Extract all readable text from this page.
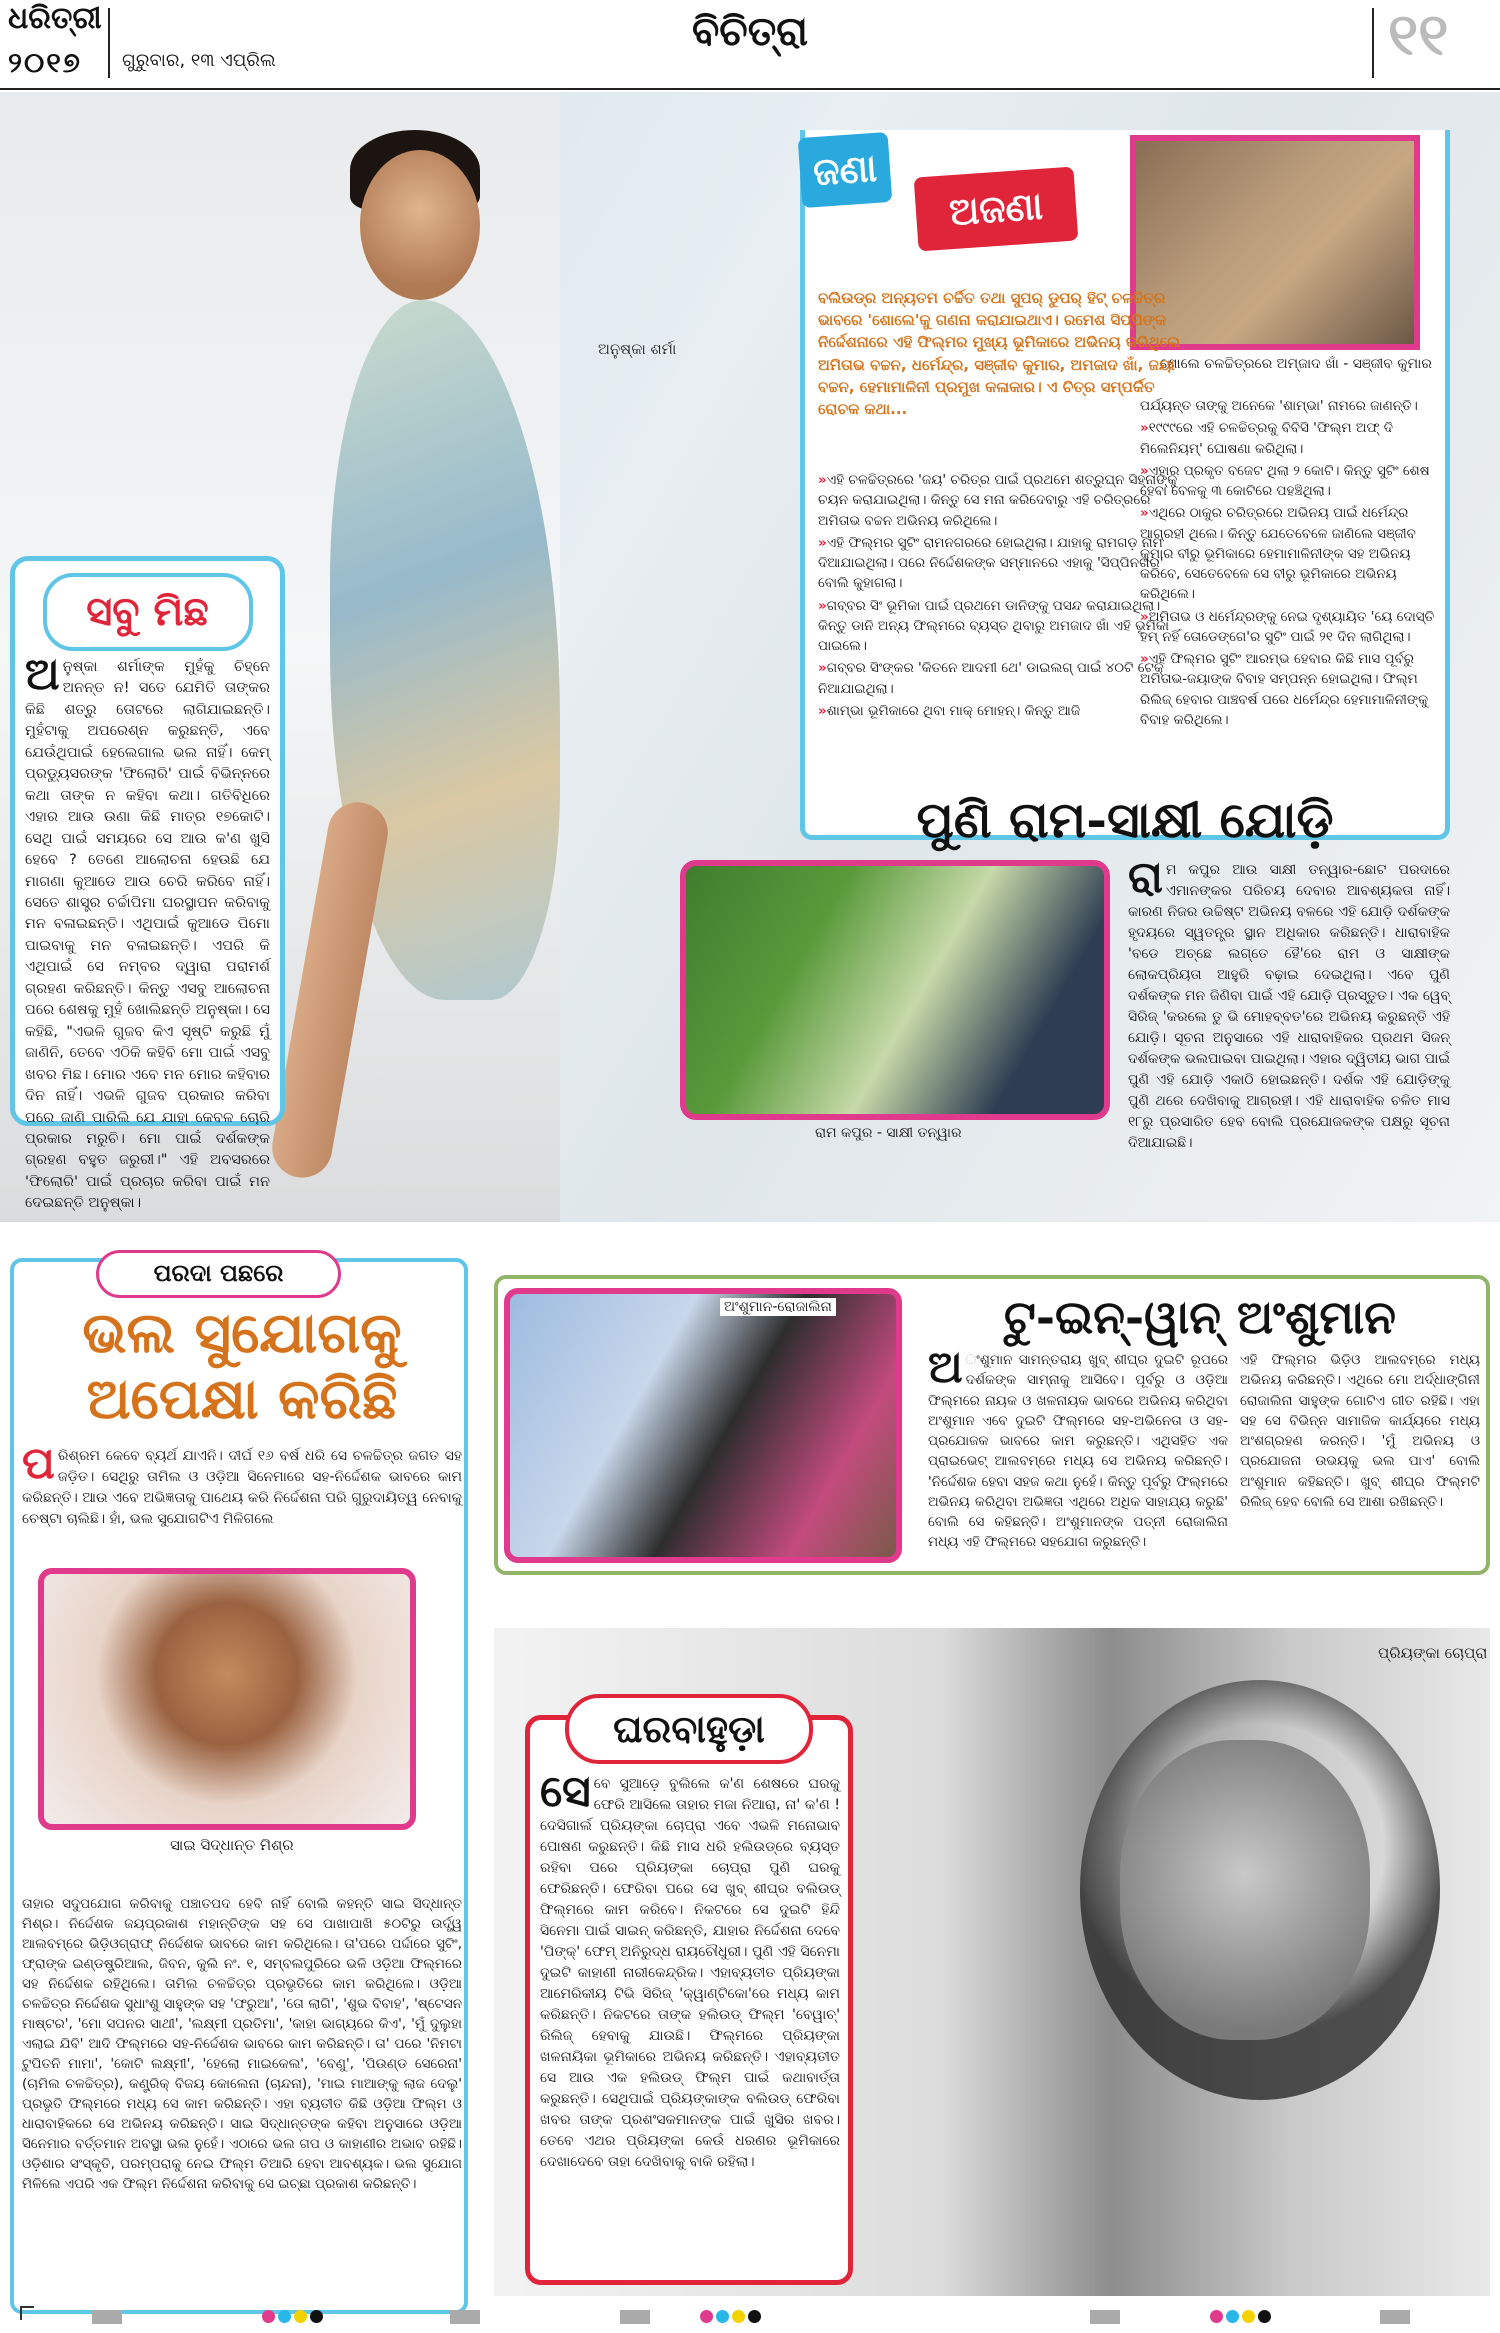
ଧରିତ୍ରୀ
୨୦୧୭ ଗୁରୁବାର, ୧୩ ଏପ୍ରିଲ
ବିଚିତ୍ରା	୧୧
ଅନୁଷ୍କା ଶର୍ମା
ସବୁ ମିଛ
ଅନୁଷ୍କା ଶର୍ମାଙ୍କ ମୁହଁକୁ ଚିହ୍ନେ ଅନନ୍ତ ନ! ସତେ ଯେମିତି ତାଙ୍କର କିଛି ଶତ୍ରୁ ତୋଟରେ ଲାଗିଯାଇଛନ୍ତି। ମୁହଁଟାକୁ ଅପରେଶ୍ନ କରୁଛନ୍ତି, ଏବେ ଯେଉଁଥିପାଇଁ ହେଲେଗାଲ ଭଲ ନାହିଁ। କେମ୍ ପ୍ରଡ୍ୟୁସରଙ୍କ 'ଫିଲୋରି' ପାଇଁ ବିଭିନ୍ନରେ କଥା ତାଙ୍କ ନ କହିବା କଥା। ଗତିବିଧିରେ ଏହାର ଆଉ ଉଣା କିଛି ମାତ୍ର ୧୭କୋଟି। ସେଥି ପାଇଁ ସମୟରେ ସେ ଆଉ କ'ଣ ଖୁସି ହେବେ ? ତେଣେ ଆଲୋଚନା ହେଉଛି ଯେ ମାଗଣା କୁଆଡେ ଆଉ ଚେରି କରିବେ ନାହିଁ। ସେତେ ଶାସ୍ତ୍ର ଚର୍ଚ୍ଚାପିମା ଘରସ୍ଥାପନ କରିବାକୁ ମନ ବଳାଇଛନ୍ତି। ଏଥିପାଇଁ କୁଆଡେ ପିମୋ ପାଇବାକୁ ମନ ବଳାଇଛନ୍ତି। ଏପରି କି ଏଥିପାଇଁ ସେ ନମ୍ବର ଦ୍ୱାରା ପରାମର୍ଶ ଗ୍ରହଣ କରିଛନ୍ତି। କିନ୍ତୁ ଏସବୁ ଆଲୋଚନା ପରେ ଶେଷକୁ ମୁହଁ ଖୋଲିଛନ୍ତି ଅନୁଷ୍କା। ସେ କହିଛି, "ଏଭଳି ଗୁଜବ କିଏ ସୃଷ୍ଟି କରୁଛି ମୁଁ ଜାଣିନି, ତେବେ ଏଠିକି କହିବି ମୋ ପାଇଁ ଏସବୁ ଖବର ମିଛ। ମୋର ଏବେ ମନ ମୋର କହିବାର ଦିନ ନାହିଁ। ଏଭଳି ଗୁଜବ ପ୍ରକାର କରିବା ପରେ ଜାଣି ପାରିଲି ଯେ ଯାହା କେବଳ ଚୋରି ପ୍ରକାର ମରୁଚି। ମୋ ପାଇଁ ଦର୍ଶକଙ୍କ ଗ୍ରହଣ ବହୁତ ଜରୁରୀ।" ଏହି ଅବସରରେ 'ଫିଲୋରି' ପାଇଁ ପ୍ରଚାର କରିବା ପାଇଁ ମନ ଦେଇଛନ୍ତି ଅନୁଷ୍କା।
ଜଣା
ଅଜଣା
ଶୋଲେ ଚଳଚ୍ଚିତ୍ରରେ ଅମ୍‌ଜାଦ ଖାଁ - ସଞ୍ଜୀବ କୁମାର
ବଲିଉଡ୍‌ର ଅନ୍ୟତମ ଚର୍ଚ୍ଚିତ ତଥା ସୁପର୍ ଡୁପର୍ ହିଟ୍ ଚଳଚ୍ଚିତ୍ର ଭାବରେ 'ଶୋଲେ'କୁ ଗଣନା କରାଯାଇଥାଏ। ରମେଶ ସିପ୍ପିଙ୍କ ନିର୍ଦ୍ଦେଶନାରେ ଏହି ଫିଲ୍ମର ମୁଖ୍ୟ ଭୂମିକାରେ ଅଭିନୟ କରିଥିଲେ ଅମିତାଭ ବଚ୍ଚନ, ଧର୍ମେନ୍ଦ୍ର, ସଞ୍ଜୀବ କୁମାର, ଅମଜାଦ ଖାଁ, ଜୟା ବଚ୍ଚନ, ହେମାମାଳିନୀ ପ୍ରମୁଖ କଳାକାର। ଏ ଚିତ୍ର ସମ୍ପର୍କିତ ରୋଚକ କଥା...
» ଏହି ଚଳଚ୍ଚିତ୍ରରେ 'ଜୟ' ଚରିତ୍ର ପାଇଁ ପ୍ରଥମେ ଶତ୍ରୁଘ୍ନ ସିହ୍ନାଙ୍କୁ ଚୟନ କରାଯାଇଥିଲା। କିନ୍ତୁ ସେ ମନା କରିଦେବାରୁ ଏହି ଚରିତ୍ରରେ ଅମିତାଭ ବଚ୍ଚନ ଅଭିନୟ କରିଥିଲେ।
» ଏହି ଫିଲ୍ମର ସୁଟିଂ ରାମନଗରରେ ହୋଇଥିଲା। ଯାହାକୁ ରାମଗଡ଼ ନାମ ଦିଆଯାଇଥିଲା। ପରେ ନିର୍ଦ୍ଦେଶକଙ୍କ ସମ୍ମାନରେ ଏହାକୁ 'ସିପ୍ପିନଗର' ବୋଲି କୁହାଗଲା।
» ଗବ୍ବର ସିଂ ଭୂମିକା ପାଇଁ ପ୍ରଥମେ ଡାନିଙ୍କୁ ପସନ୍ଦ କରାଯାଇଥିଲା। କିନ୍ତୁ ଡାନି ଅନ୍ୟ ଫିଲ୍ମରେ ବ୍ୟସ୍ତ ଥିବାରୁ ଅମଜାଦ ଖାଁ ଏହି ଭୂମିକା ପାଇଲେ।
» ଗବ୍ବର ସିଂଙ୍କର 'କିତନେ ଆଦମୀ ଥେ' ଡାଇଲଗ୍ ପାଇଁ ୪୦ଟି ଟେକ୍ ନିଆଯାଇଥିଲା।
» ଶାମ୍ଭା ଭୂମିକାରେ ଥିବା ମାକ୍ ମୋହନ୍। କିନ୍ତୁ ଆଜି
ପର୍ଯ୍ୟନ୍ତ ତାଙ୍କୁ ଅନେକେ 'ଶାମ୍ଭା' ନାମରେ ଜାଣନ୍ତି।
» ୧୯୯୯ରେ ଏହି ଚଳଚ୍ଚିତ୍ରକୁ ବିବିସି 'ଫିଲ୍ମ ଅଫ୍ ଦି ମିଲେନିୟମ୍' ଘୋଷଣା କରିଥିଲା।
» ଏହାର ପ୍ରକୃତ ବଜେଟ ଥିଲା ୨ କୋଟି। କିନ୍ତୁ ସୁଟିଂ ଶେଷ ହେବା ବେଳକୁ ୩ କୋଟିରେ ପହଞ୍ଚିଥିଲା।
» ଏଥିରେ ଠାକୁର ଚରିତ୍ରରେ ଅଭିନୟ ପାଇଁ ଧର୍ମେନ୍ଦ୍ର ଆଗ୍ରହୀ ଥିଲେ। କିନ୍ତୁ ଯେତେବେଳେ ଜାଣିଲେ ସଞ୍ଜୀବ କୁମାର ବୀରୁ ଭୂମିକାରେ ହେମାମାଳିନୀଙ୍କ ସହ ଅଭିନୟ କରିବେ, ସେତେବେଳେ ସେ ବୀରୁ ଭୂମିକାରେ ଅଭିନୟ କରିଥିଲେ।
» ଅମିତାଭ ଓ ଧର୍ମେନ୍ଦ୍ରଙ୍କୁ ନେଇ ଦୃଶ୍ୟାୟିତ 'ୟେ ଦୋସ୍ତି ହମ୍ ନହିଁ ତୋଡେଙ୍ଗେ'ର ସୁଟିଂ ପାଇଁ ୨୧ ଦିନ ଲାଗିଥିଲା।
» ଏହି ଫିଲ୍ମର ସୁଟିଂ ଆରମ୍ଭ ହେବାର କିଛି ମାସ ପୂର୍ବରୁ ଅମିତାଭ-ଜୟାଙ୍କ ବିବାହ ସମ୍ପନ୍ନ ହୋଇଥିଲା। ଫିଲ୍ମ ରିଲିଜ୍ ହେବାର ପାଞ୍ଚବର୍ଷ ପରେ ଧର୍ମେନ୍ଦ୍ର ହେମାମାଳିନୀଙ୍କୁ ବିବାହ କରିଥିଲେ।
ପୁଣି ରାମ-ସାକ୍ଷୀ ଯୋଡ଼ି
ରାମ କପୁର - ସାକ୍ଷୀ ତନ୍‌ୱାର
ରାମ କପୁର ଆଉ ସାକ୍ଷୀ ତନ୍‌ୱାର-ଛୋଟ ପରଦାରେ ଏମାନଙ୍କର ପରିଚୟ ଦେବାର ଆବଶ୍ୟକତା ନାହିଁ। କାରଣ ନିଜର ଉଚ୍ଚିଷ୍ଟ ଅଭିନୟ ବଳରେ ଏହି ଯୋଡ଼ି ଦର୍ଶକଙ୍କ ହୃଦୟରେ ସ୍ୱତନ୍ତ୍ର ସ୍ଥାନ ଅଧିକାର କରିଛନ୍ତି। ଧାରାବାହିକ 'ବଡେ ଅଚ୍ଛେ ଲଗ୍ତେ ହୈ'ରେ ରାମ ଓ ସାକ୍ଷୀଙ୍କ ଲୋକପ୍ରିୟତା ଆହୁରି ବଢ଼ାଇ ଦେଇଥିଲା। ଏବେ ପୁଣି ଦର୍ଶକଙ୍କ ମନ ଜିଣିବା ପାଇଁ ଏହି ଯୋଡ଼ି ପ୍ରସ୍ତୁତ। ଏକ ୱେବ୍ ସିରିଜ୍ 'କରଲେ ତୁ ଭି ମୋହବ୍ବତ'ରେ ଅଭିନୟ କରୁଛନ୍ତି ଏହି ଯୋଡ଼ି। ସୂଚନା ଅନୁସାରେ ଏହି ଧାରାବାହିକର ପ୍ରଥମ ସିଜନ୍ ଦର୍ଶକଙ୍କ ଭଲପାଇବା ପାଇଥିଲା। ଏହାର ଦ୍ୱିତୀୟ ଭାଗ ପାଇଁ ପୁଣି ଏହି ଯୋଡ଼ି ଏକାଠି ହୋଇଛନ୍ତି। ଦର୍ଶକ ଏହି ଯୋଡ଼ିଙ୍କୁ ପୁଣି ଥରେ ଦେଖିବାକୁ ଆଗ୍ରହୀ। ଏହି ଧାରାବାହିକ ଚଳିତ ମାସ ୧୮ରୁ ପ୍ରସାରିତ ହେବ ବୋଲି ପ୍ରଯୋଜକଙ୍କ ପକ୍ଷରୁ ସୂଚନା ଦିଆଯାଇଛି।
ପରଦା ପଛରେ
ଭଲ ସୁଯୋଗକୁ ଅପେକ୍ଷା କରିଛି
ପରିଶ୍ରମ କେବେ ବ୍ୟର୍ଥ ଯାଏନି। ଦୀର୍ଘ ୧୬ ବର୍ଷ ଧରି ସେ ଚଳଚ୍ଚିତ୍ର ଜଗତ ସହ ଜଡ଼ିତ। ସେଥିରୁ ତାମିଲ ଓ ଓଡ଼ିଆ ସିନେମାରେ ସହ-ନିର୍ଦ୍ଦେଶକ ଭାବରେ କାମ କରିଛନ୍ତି। ଆଉ ଏବେ ଅଭିଜ୍ଞତାକୁ ପାଥେୟ କରି ନିର୍ଦ୍ଦେଶନା ପରି ଗୁରୁଦାୟିତ୍ୱ ନେବାକୁ ଚେଷ୍ଟା ଚାଲିଛି। ହାଁ, ଭଲ ସୁଯୋଗଟିଏ ମିଳିଗଲେ
ସାଇ ସିଦ୍ଧାନ୍ତ ମିଶ୍ର
ତାହାର ସଦୁପଯୋଗ କରିବାକୁ ପଞ୍ଚାତପଦ ହେବି ନାହିଁ ବୋଲି କହନ୍ତି ସାଇ ସିଦ୍ଧାନ୍ତ ମିଶ୍ର। ନିର୍ଦ୍ଦେଶକ ଜୟପ୍ରକାଶ ମହାନ୍ତିଙ୍କ ସହ ସେ ପାଖାପାଖି ୫୦ଟିରୁ ଉର୍ଦ୍ଧ୍ୱ ଆଲବମ୍‌ରେ ଭିଡ଼ିଓଗ୍ରାଫ୍‌ ନିର୍ଦ୍ଦେଶକ ଭାବରେ କାମ କରିଥିଲେ। ତା'ପରେ ପର୍ଦ୍ଦାରେ ସୁଟିଂ, ଫ୍ରାଙ୍କ ଇଣ୍ଡଷ୍ଟ୍ରିଆଲ, ଜିବନ, କୁଲି ନଂ. ୧, ସମ୍ବଲପୁରିରେ ଭଳି ଓଡ଼ିଆ ଫିଲ୍ମରେ ସହ ନିର୍ଦ୍ଦେଶକ ରହିଥିଲେ। ତାମିଲ ଚଳଚ୍ଚିତ୍ର ପ୍ରଭୃତିରେ କାମ କରିଥିଲେ। ଓଡ଼ିଆ ଚଳଚ୍ଚିତ୍ର ନିର୍ଦ୍ଦେଶକ ସୁଧାଂଶୁ ସାହୁଙ୍କ ସହ 'ଫରୁଆ', 'ତୋ ଲାଗି', 'ଶୁଭ ବିବାହ', 'ଷ୍ଟେସନ ମାଷ୍ଟର', 'ମୋ ସପନର ସାଥୀ', 'ଲକ୍ଷ୍ମୀ ପ୍ରତିମା', 'କାହା ଭାଗ୍ୟରେ କିଏ', 'ମୁଁ ଦୁଲୁହା ଏଲାଇ ଯିବି' ଆଦି ଫିଲ୍ମରେ ସହ-ନିର୍ଦ୍ଦେଶକ ଭାବରେ କାମ କରିଛନ୍ତି। ତା' ପରେ 'ନିମଟା ଟୁପିତନି ମାମା', 'କୋଟି ଲକ୍ଷ୍ମୀ', 'ହେଲୋ ମାଇକେଲ', 'ବେଣୁ', 'ପିଉଣ୍ଡ ସେରେନା' (ଚାମିଲ ଚଳଚ୍ଚିତ୍ର), କଣ୍ଟ୍ରିକ୍ ବିଜୟ କୋଲେନା (ଚାନ୍ଦନା), 'ମାଇ ମାଆଙ୍କୁ ଲାଜ ଦେଲୁ' ପ୍ରଭୃତି ଫିଲ୍ମରେ ମଧ୍ୟ ସେ କାମ କରିଛନ୍ତି। ଏହା ବ୍ୟତୀତ କିଛି ଓଡ଼ିଆ ଫିଲ୍ମ ଓ ଧାରାବାହିକରେ ସେ ଅଭିନୟ କରିଛନ୍ତି। ସାଇ ସିଦ୍ଧାନ୍ତଙ୍କ କହିବା ଅନୁସାରେ ଓଡ଼ିଆ ସିନେମାର ବର୍ତ୍ତମାନ ଅବସ୍ଥା ଭଲ ନୁହେଁ। ଏଠାରେ ଭଲ ଗପ ଓ କାହାଣୀର ଅଭାବ ରହିଛି। ଓଡ଼ିଶାର ସଂସ୍କୃତି, ପରମ୍ପରାକୁ ନେଇ ଫିଲ୍ମ ତିଆରି ହେବା ଆବଶ୍ୟକ। ଭଲ ସୁଯୋଗ ମିଳିଲେ ଏପରି ଏକ ଫିଲ୍ମ ନିର୍ଦ୍ଦେଶନା କରିବାକୁ ସେ ଇଚ୍ଛା ପ୍ରକାଶ କରିଛନ୍ତି।
ଅଂଶୁମାନ-ରୋଜାଲିନା	ଟୁ-ଇନ୍-ୱାନ୍ ଅଂଶୁମାନ
ଅ ଂଶୁମାନ ସାମନ୍ତରାୟ ଖୁବ୍ ଶୀଘ୍ର ଦୁଇଟି ରୂପରେ ଦର୍ଶକଙ୍କ ସାମ୍ନାକୁ ଆସିବେ। ପୂର୍ବରୁ ଓ ଓଡ଼ିଆ ଫିଲ୍ମରେ ନାୟକ ଓ ଖଳନାୟକ ଭାବରେ ଅଭିନୟ କରିଥିବା ଅଂଶୁମାନ ଏବେ ଦୁଇଟି ଫିଲ୍ମରେ ସହ-ଅଭିନେତା ଓ ସହ-ପ୍ରଯୋଜକ ଭାବରେ କାମ କରୁଛନ୍ତି। ଏଥିସହିତ ଏକ ପ୍ରାଇଭେଟ୍ ଆଲବମ୍‌ରେ ମଧ୍ୟ ସେ ଅଭିନୟ କରିଛନ୍ତି। 'ନିର୍ଦ୍ଦେଶକ ହେବା ସହଜ କଥା ନୁହେଁ। କିନ୍ତୁ ପୂର୍ବରୁ ଫିଲ୍ମରେ ଅଭିନୟ କରିଥିବା ଅଭିଜ୍ଞତା ଏଥିରେ ଅଧିକ ସାହାଯ୍ୟ କରୁଛି' ବୋଲି ସେ କହିଛନ୍ତି। ଅଂଶୁମାନଙ୍କ ପତ୍ନୀ ରୋଜାଲିନା ମଧ୍ୟ ଏହି ଫିଲ୍ମରେ ସହଯୋଗ କରୁଛନ୍ତି।
ଏହି ଫିଲ୍ମର ଭିଡ଼ିଓ ଆଲବମ୍‌ରେ ମଧ୍ୟ ଅଭିନୟ କରିଛନ୍ତି। ଏଥିରେ ମୋ ଅର୍ଦ୍ଧାଙ୍ଗିନୀ ରୋଜାଲିନା ସାହୁଙ୍କ ଗୋଟିଏ ଗୀତ ରହିଛି। ଏହା ସହ ସେ ବିଭିନ୍ନ ସାମାଜିକ କାର୍ଯ୍ୟରେ ମଧ୍ୟ ଅଂଶଗ୍ରହଣ କରନ୍ତି। 'ମୁଁ ଅଭିନୟ ଓ ପ୍ରଯୋଜନା ଉଭୟକୁ ଭଲ ପାଏ' ବୋଲି ଅଂଶୁମାନ କହିଛନ୍ତି। ଖୁବ୍ ଶୀଘ୍ର ଫିଲ୍ମଟି ରିଲିଜ୍ ହେବ ବୋଲି ସେ ଆଶା ରଖିଛନ୍ତି।
ପ୍ରିୟଙ୍କା ଚୋପ୍ରା
ଘରବାହୁଡ଼ା
ସେବେ ସୁଆଡ଼େ ବୁଲିଲେ କ'ଣ ଶେଷରେ ଘରକୁ ଫେରି ଆସିଲେ ତାହାର ମଜା ନିଆରା, ନା' କ'ଣ ! ଦେସିଗାର୍ଲ ପ୍ରିୟଙ୍କା ଚୋପ୍ରା ଏବେ ଏଭଳି ମନୋଭାବ ପୋଷଣ କରୁଛନ୍ତି। କିଛି ମାସ ଧରି ହଲିଉଡ୍‌ରେ ବ୍ୟସ୍ତ ରହିବା ପରେ ପ୍ରିୟଙ୍କା ଚୋପ୍ରା ପୁଣି ଘରକୁ ଫେରିଛନ୍ତି। ଫେରିବା ପରେ ସେ ଖୁବ୍ ଶୀଘ୍ର ବଲିଉଡ୍ ଫିଲ୍ମରେ କାମ କରିବେ। ନିକଟରେ ସେ ଦୁଇଟି ହିନ୍ଦି ସିନେମା ପାଇଁ ସାଇନ୍ କରିଛନ୍ତି, ଯାହାର ନିର୍ଦ୍ଦେଶନା ଦେବେ 'ପିଙ୍କ୍' ଫେମ୍ ଅନିରୁଦ୍ଧ ରାୟଚୌଧୁରୀ। ପୁଣି ଏହି ସିନେମା ଦୁଇଟି କାହାଣୀ ନାରୀକେନ୍ଦ୍ରିକ। ଏହାବ୍ୟତୀତ ପ୍ରିୟଙ୍କା ଆମେରିକୀୟ ଟିଭି ସିରିଜ୍ 'କ୍ୱାଣ୍ଟିକୋ'ରେ ମଧ୍ୟ କାମ କରିଛନ୍ତି। ନିକଟରେ ତାଙ୍କ ହଲିଉଡ୍ ଫିଲ୍ମ 'ବେୱାଚ୍' ରିଲିଜ୍ ହେବାକୁ ଯାଉଛି। ଫିଲ୍ମରେ ପ୍ରିୟଙ୍କା ଖଳନାୟିକା ଭୂମିକାରେ ଅଭିନୟ କରିଛନ୍ତି। ଏହାବ୍ୟତୀତ ସେ ଆଉ ଏକ ହଲିଉଡ୍ ଫିଲ୍ମ ପାଇଁ କଥାବାର୍ତ୍ତା କରୁଛନ୍ତି। ସେଥିପାଇଁ ପ୍ରିୟଙ୍କାଙ୍କ ବଲିଉଡ୍ ଫେରିବା ଖବର ତାଙ୍କ ପ୍ରଶଂସକମାନଙ୍କ ପାଇଁ ଖୁସିର ଖବର। ତେବେ ଏଥର ପ୍ରିୟଙ୍କା କେଉଁ ଧରଣର ଭୂମିକାରେ ଦେଖାଦେବେ ତାହା ଦେଖିବାକୁ ବାକି ରହିଲା।
